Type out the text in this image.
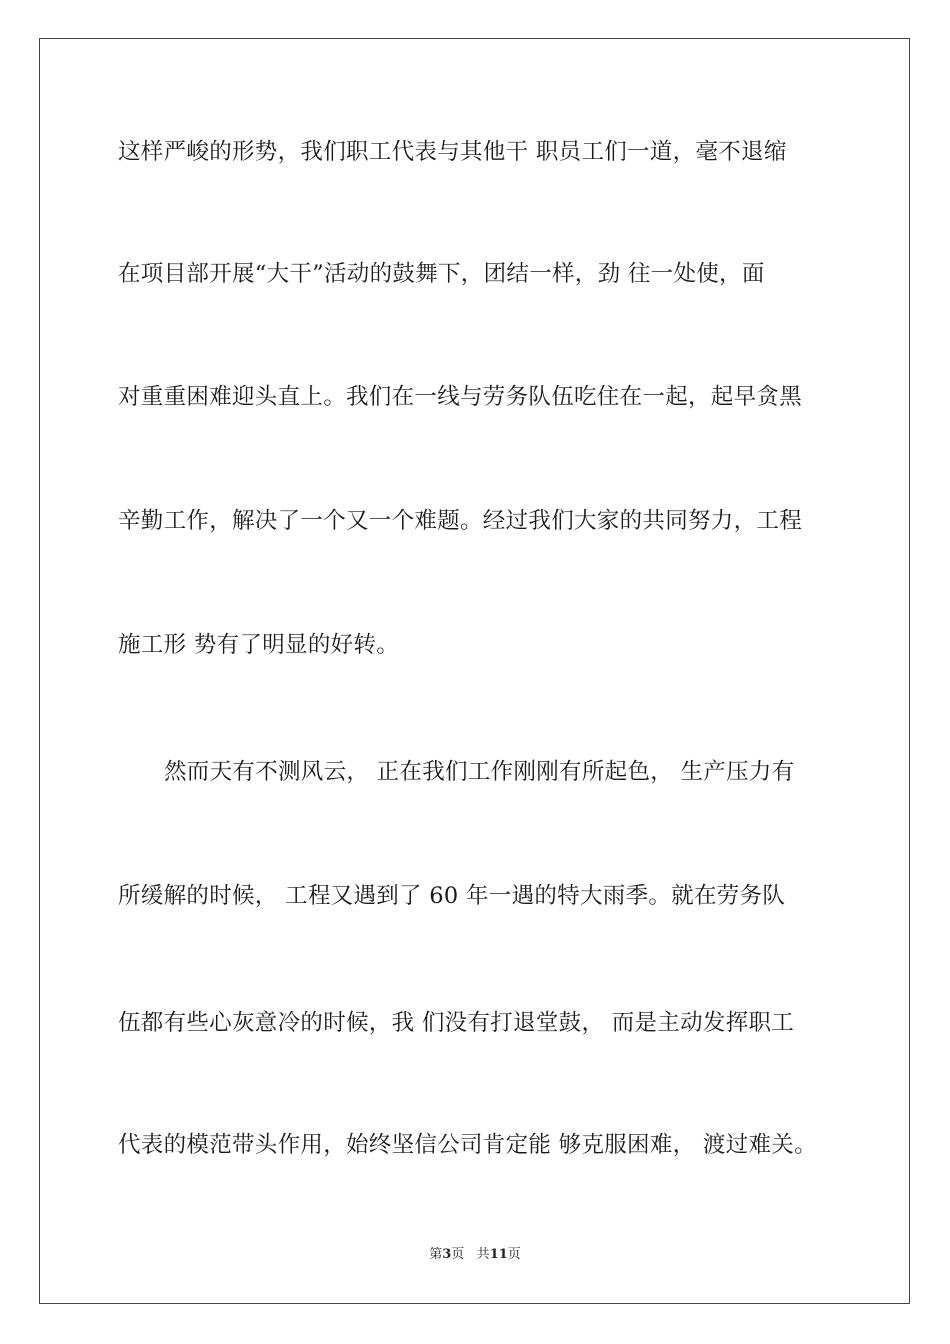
这样严峻的形势，我们职工代表与其他干 职员工们一道，毫不退缩
在项目部开展“大干”活动的鼓舞下，团结一样，劲 往一处使，面
对重重困难迎头直上。我们在一线与劳务队伍吃住在一起，起早贪黑
辛勤工作，解决了一个又一个难题。经过我们大家的共同努力，工程
施工形 势有了明显的好转。
然而天有不测风云， 正在我们工作刚刚有所起色， 生产压力有
所缓解的时候， 工程又遇到了 60 年一遇的特大雨季。就在劳务队
伍都有些心灰意冷的时候，我 们没有打退堂鼓， 而是主动发挥职工
代表的模范带头作用，始终坚信公司肯定能 够克服困难， 渡过难关。
第3页 共11页
